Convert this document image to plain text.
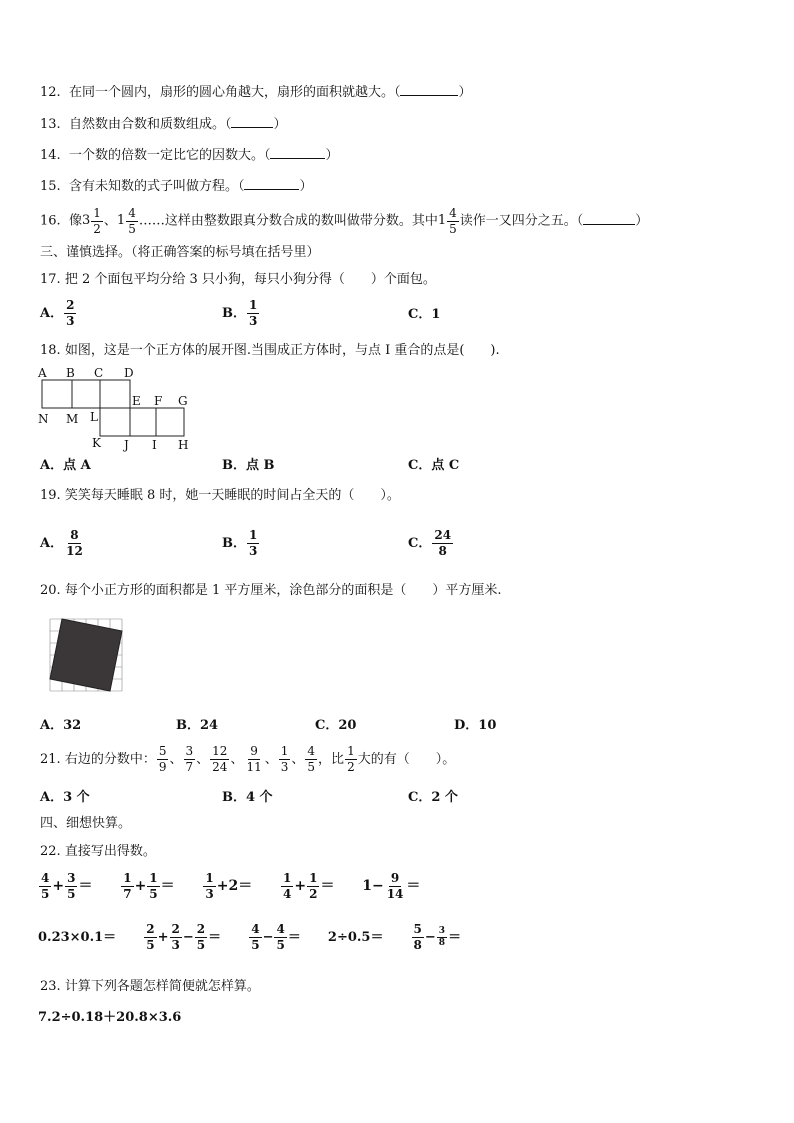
12. 在同一个圆内，扇形的圆心角越大，扇形的面积就越大。（	）
13. 自然数由合数和质数组成。（	）
14. 一个数的倍数一定比它的因数大。（	）
15. 含有未知数的式子叫做方程。（	）
16. 像 $3 \frac{1}{2}$ 、 $1 \frac{4}{5}$ ……这样由整数跟真分数合成的数叫做带分数。其中 $1 \frac{4}{5}$ 读作一又四分之五。（	）
三、谨慎选择。（将正确答案的标号填在括号里）
17. 把 2 个面包平均分给 3 只小狗，每只小狗分得（　　）个面包。
A． $\frac{2}{3}$	B． $\frac{1}{3}$	C．1
18. 如图，这是一个正方体的展开图.当围成正方体时，与点 I 重合的点是(　　).
A B C D
E F G
N M L
K J I H
A．点 A	B．点 B	C．点 C
19. 笑笑每天睡眠 8 时，她一天睡眠的时间占全天的（　　）。
A． $\frac{8}{12}$	B． $\frac{1}{3}$	C． $\frac{24}{8}$
20. 每个小正方形的面积都是 1 平方厘米，涂色部分的面积是（　　）平方厘米.
A．32	B．24	C．20	D．10
21. 右边的分数中： $\frac{5}{9}$ 、 $\frac{3}{7}$ 、 $\frac{12}{24}$ 、 $\frac{9}{11}$ 、 $\frac{1}{3}$ 、 $\frac{4}{5}$ ，比 $\frac{1}{2}$ 大的有（　　）。
A．3 个	B．4 个	C．2 个
四、细想快算。
22. 直接写出得数。
$\frac{4}{5} + \frac{3}{5} = \frac{1}{7} + \frac{1}{5} = \frac{1}{3} +2= \frac{1}{4} + \frac{1}{2} = 1- \frac{9}{14}$ ＝
$0.23\times 0.1= \frac{2}{5} + \frac{2}{3} - \frac{2}{5} = \frac{4}{5} - \frac{4}{5} = 2\div 0.5= \frac{5}{8} - \frac{3}{8}$ ＝
23. 计算下列各题怎样简便就怎样算。
7.2÷0.18＋20.8×3.6
